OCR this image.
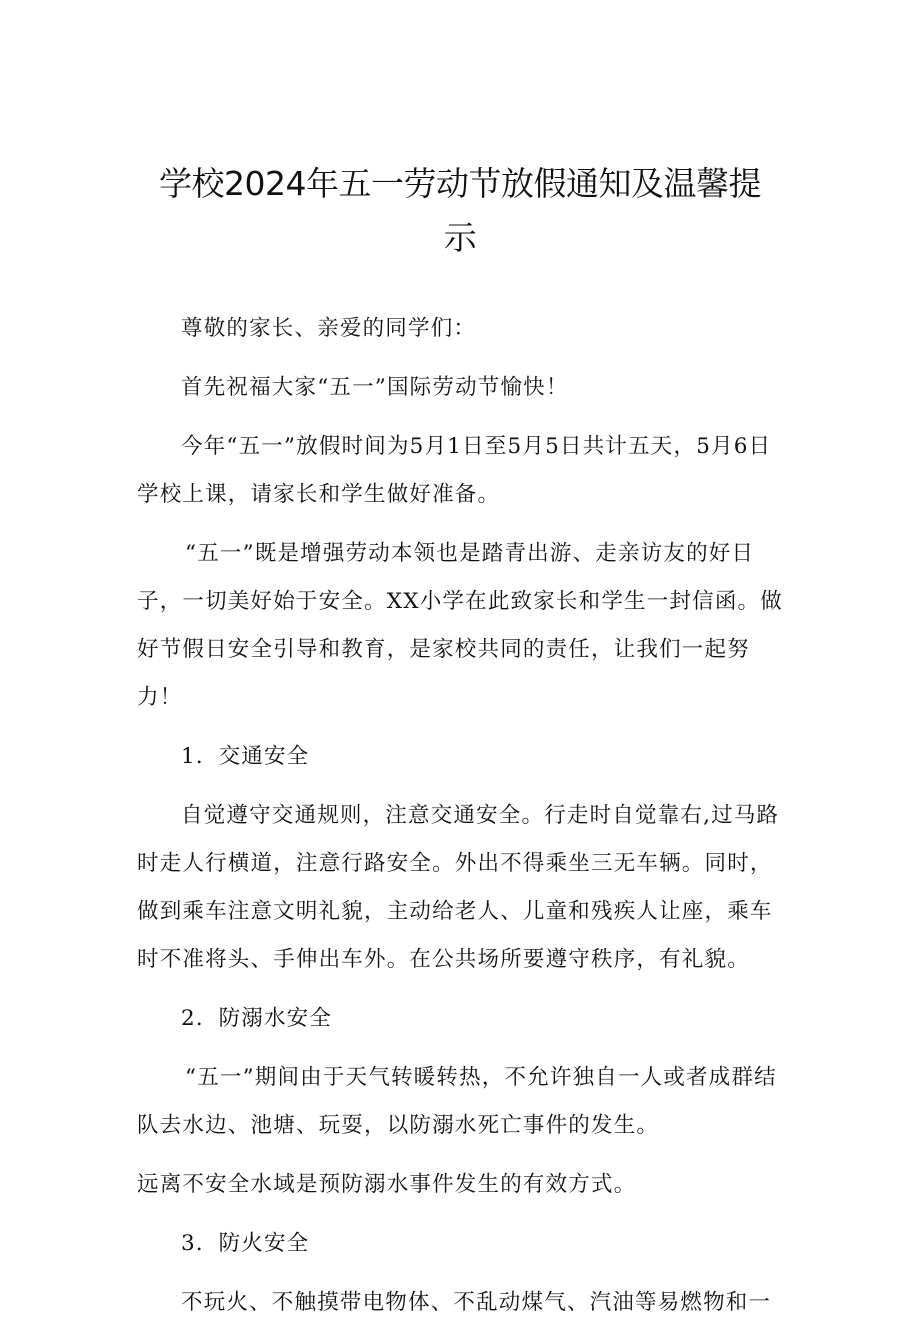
学校2024年五一劳动节放假通知及温馨提
示

尊敬的家长、亲爱的同学们：

首先祝福大家“五一”国际劳动节愉快！

今年“五一”放假时间为5月1日至5月5日共计五天，5月6日学校上课，请家长和学生做好准备。

“五一”既是增强劳动本领也是踏青出游、走亲访友的好日子，一切美好始于安全。XX小学在此致家长和学生一封信函。做好节假日安全引导和教育，是家校共同的责任，让我们一起努力！

1．交通安全

自觉遵守交通规则，注意交通安全。行走时自觉靠右,过马路时走人行横道，注意行路安全。外出不得乘坐三无车辆。同时，做到乘车注意文明礼貌，主动给老人、儿童和残疾人让座，乘车时不准将头、手伸出车外。在公共场所要遵守秩序，有礼貌。

2．防溺水安全

“五一”期间由于天气转暖转热，不允许独自一人或者成群结队去水边、池塘、玩耍，以防溺水死亡事件的发生。

远离不安全水域是预防溺水事件发生的有效方式。

3．防火安全

不玩火、不触摸带电物体、不乱动煤气、汽油等易燃物和一
